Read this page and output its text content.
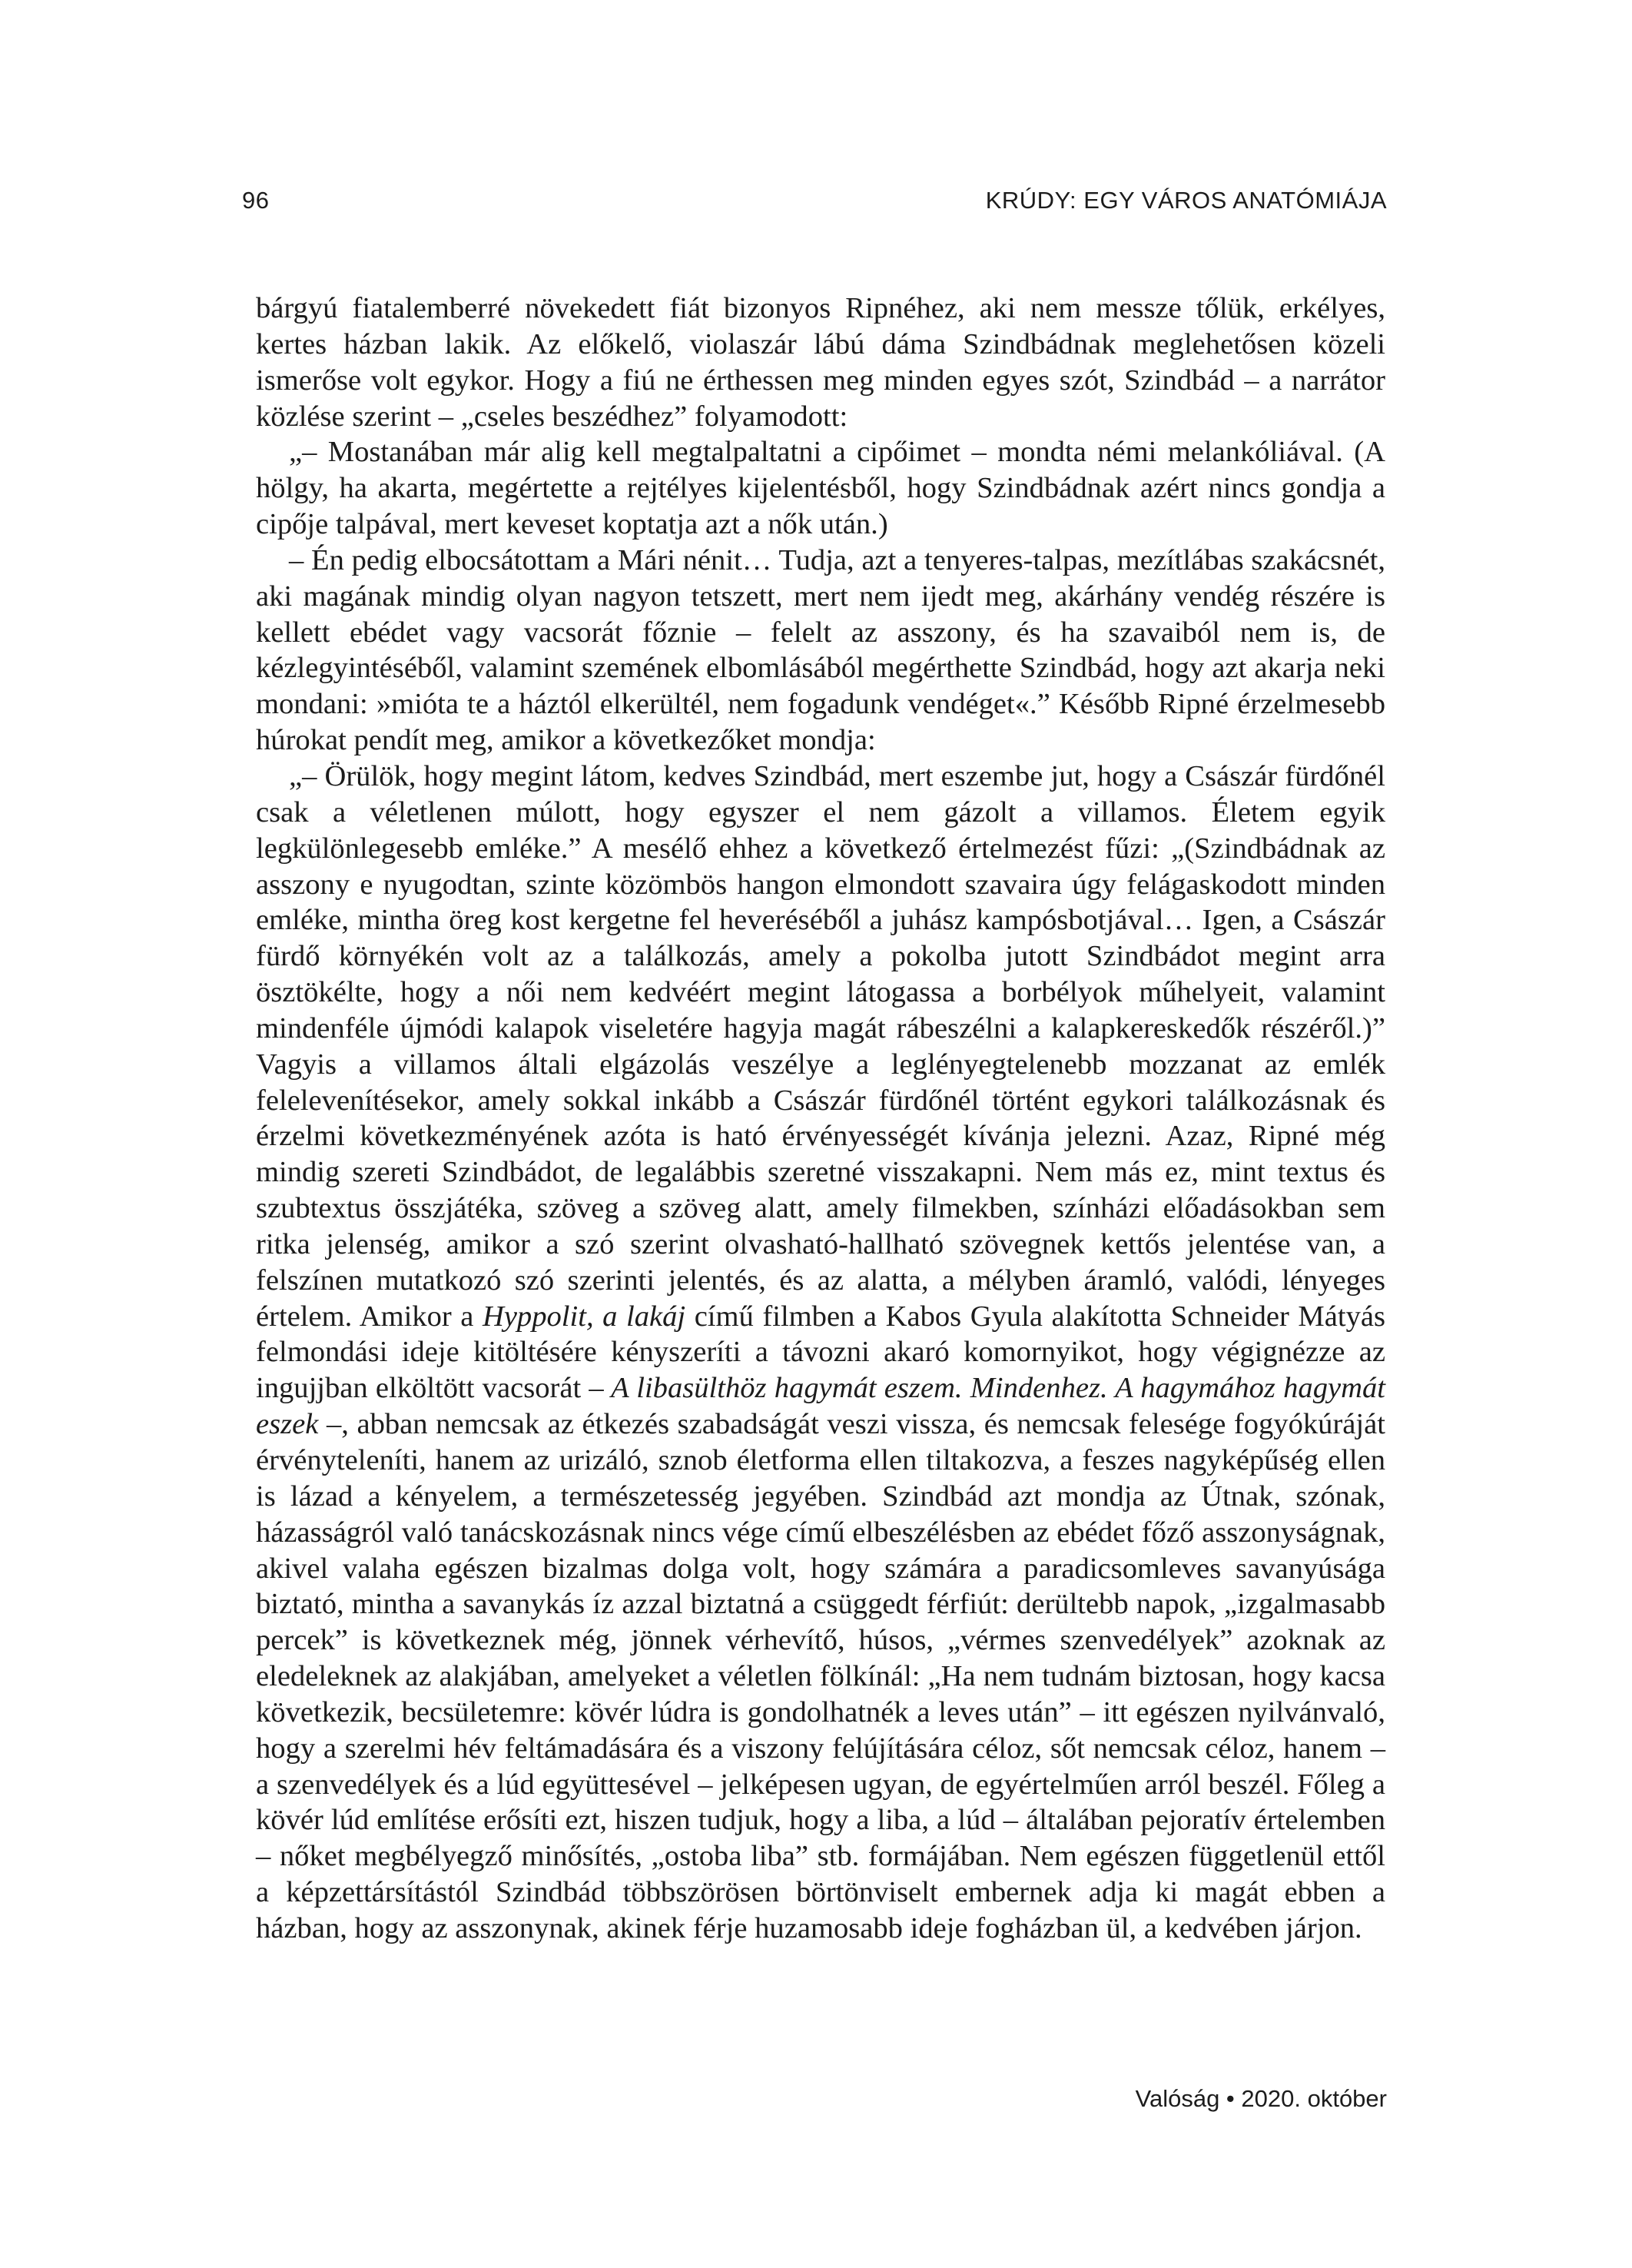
96	KRÚDY: EGY VÁROS ANATÓMIÁJA

bárgyú fiatalemberré növekedett fiát bizonyos Ripnéhez, aki nem messze tőlük, erkélyes, kertes házban lakik. Az előkelő, violaszár lábú dáma Szindbádnak meglehetősen közeli ismerőse volt egykor. Hogy a fiú ne érthessen meg minden egyes szót, Szindbád – a narrátor közlése szerint – „cseles beszédhez” folyamodott:

„– Mostanában már alig kell megtalpaltatni a cipőimet – mondta némi melankóliával. (A hölgy, ha akarta, megértette a rejtélyes kijelentésből, hogy Szindbádnak azért nincs gondja a cipője talpával, mert keveset koptatja azt a nők után.)

– Én pedig elbocsátottam a Mári nénit… Tudja, azt a tenyeres-talpas, mezítlábas szakácsnét, aki magának mindig olyan nagyon tetszett, mert nem ijedt meg, akárhány vendég részére is kellett ebédet vagy vacsorát főznie – felelt az asszony, és ha szavaiból nem is, de kézlegyintéséből, valamint szemének elbomlásából megérthette Szindbád, hogy azt akarja neki mondani: »mióta te a háztól elkerültél, nem fogadunk vendéget«.” Később Ripné érzelmesebb húrokat pendít meg, amikor a következőket mondja:

„– Örülök, hogy megint látom, kedves Szindbád, mert eszembe jut, hogy a Császár fürdőnél csak a véletlenen múlott, hogy egyszer el nem gázolt a villamos. Életem egyik legkülönlegesebb emléke.” A mesélő ehhez a következő értelmezést fűzi: „(Szindbádnak az asszony e nyugodtan, szinte közömbös hangon elmondott szavaira úgy felágaskodott minden emléke, mintha öreg kost kergetne fel heveréséből a juhász kampósbotjával… Igen, a Császár fürdő környékén volt az a találkozás, amely a pokolba jutott Szindbádot megint arra ösztökélte, hogy a női nem kedvéért megint látogassa a borbélyok műhelyeit, valamint mindenféle újmódi kalapok viseletére hagyja magát rábeszélni a kalapkereskedők részéről.)” Vagyis a villamos általi elgázolás veszélye a leglényegtelenebb mozzanat az emlék felelevenítésekor, amely sokkal inkább a Császár fürdőnél történt egykori találkozásnak és érzelmi következményének azóta is ható érvényességét kívánja jelezni. Azaz, Ripné még mindig szereti Szindbádot, de legalábbis szeretné visszakapni. Nem más ez, mint textus és szubtextus összjátéka, szöveg a szöveg alatt, amely filmekben, színházi előadásokban sem ritka jelenség, amikor a szó szerint olvasható-hallható szövegnek kettős jelentése van, a felszínen mutatkozó szó szerinti jelentés, és az alatta, a mélyben áramló, valódi, lényeges értelem. Amikor a Hyppolit, a lakáj című filmben a Kabos Gyula alakította Schneider Mátyás felmondási ideje kitöltésére kényszeríti a távozni akaró komornyikot, hogy végignézze az ingujjban elköltött vacsorát – A libasülthöz hagymát eszem. Mindenhez. A hagymához hagymát eszek –, abban nemcsak az étkezés szabadságát veszi vissza, és nemcsak felesége fogyókúráját érvényteleníti, hanem az urizáló, sznob életforma ellen tiltakozva, a feszes nagyképűség ellen is lázad a kényelem, a természetesség jegyében. Szindbád azt mondja az Útnak, szónak, házasságról való tanácskozásnak nincs vége című elbeszélésben az ebédet főző asszonyságnak, akivel valaha egészen bizalmas dolga volt, hogy számára a paradicsomleves savanyúsága biztató, mintha a savanykás íz azzal biztatná a csüggedt férfiút: derültebb napok, „izgalmasabb percek” is következnek még, jönnek vérhevítő, húsos, „vérmes szenvedélyek” azoknak az eledeleknek az alakjában, amelyeket a véletlen fölkínál: „Ha nem tudnám biztosan, hogy kacsa következik, becsületemre: kövér lúdra is gondolhatnék a leves után” – itt egészen nyilvánvaló, hogy a szerelmi hév feltámadására és a viszony felújítására céloz, sőt nemcsak céloz, hanem – a szenvedélyek és a lúd együttesével – jelképesen ugyan, de egyértelműen arról beszél. Főleg a kövér lúd említése erősíti ezt, hiszen tudjuk, hogy a liba, a lúd – általában pejoratív értelemben – nőket megbélyegző minősítés, „ostoba liba” stb. formájában. Nem egészen függetlenül ettől a képzettársítástól Szindbád többszörösen börtönviselt embernek adja ki magát ebben a házban, hogy az asszonynak, akinek férje huzamosabb ideje fogházban ül, a kedvében járjon.

Valóság • 2020. október
